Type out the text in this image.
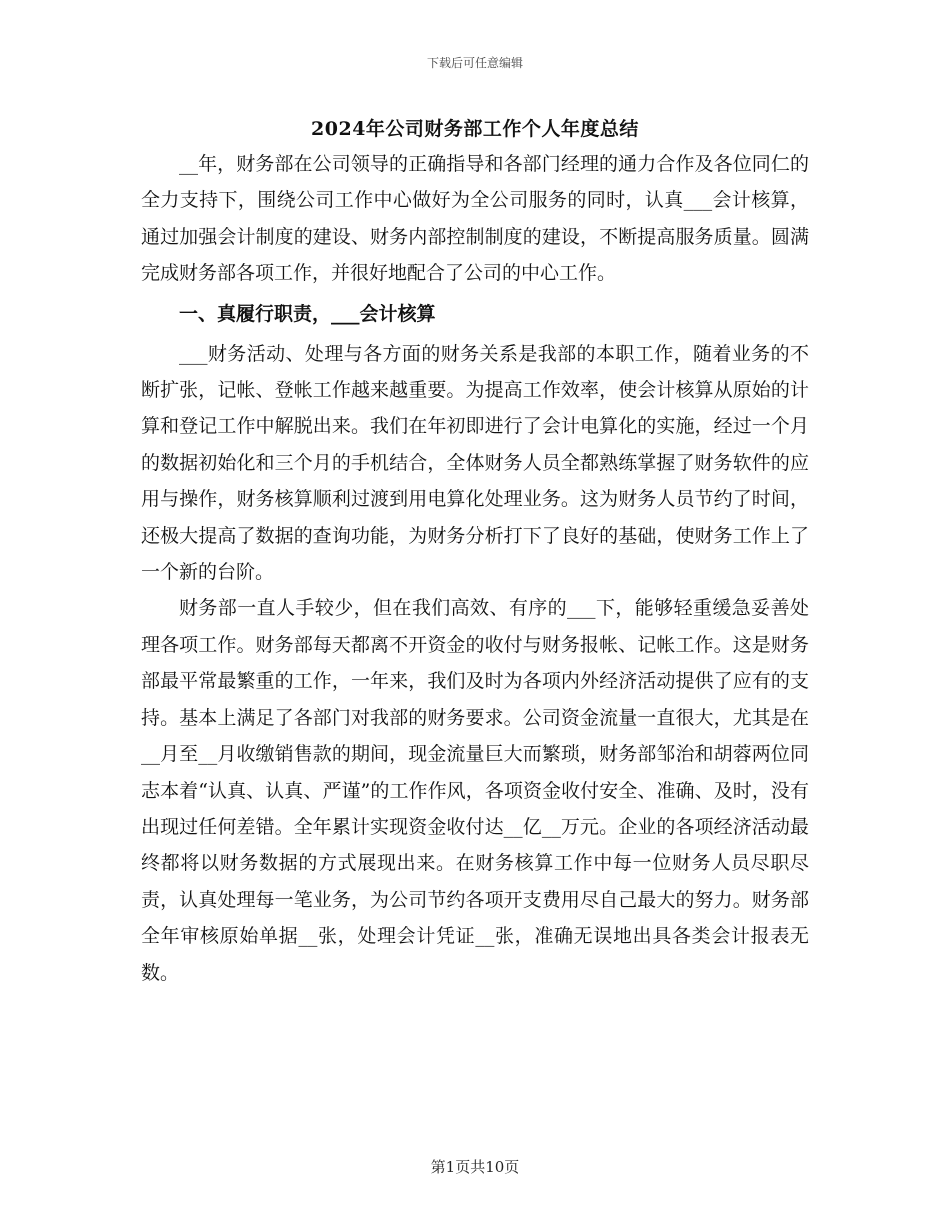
下载后可任意编辑
2024年公司财务部工作个人年度总结

__年，财务部在公司领导的正确指导和各部门经理的通力合作及各位同仁的全力支持下，围绕公司工作中心做好为全公司服务的同时，认真___会计核算，通过加强会计制度的建设、财务内部控制制度的建设，不断提高服务质量。圆满完成财务部各项工作，并很好地配合了公司的中心工作。

一、真履行职责，___会计核算

___财务活动、处理与各方面的财务关系是我部的本职工作，随着业务的不断扩张，记帐、登帐工作越来越重要。为提高工作效率，使会计核算从原始的计算和登记工作中解脱出来。我们在年初即进行了会计电算化的实施，经过一个月的数据初始化和三个月的手机结合，全体财务人员全都熟练掌握了财务软件的应用与操作，财务核算顺利过渡到用电算化处理业务。这为财务人员节约了时间，还极大提高了数据的查询功能，为财务分析打下了良好的基础，使财务工作上了一个新的台阶。

财务部一直人手较少，但在我们高效、有序的___下，能够轻重缓急妥善处理各项工作。财务部每天都离不开资金的收付与财务报帐、记帐工作。这是财务部最平常最繁重的工作，一年来，我们及时为各项内外经济活动提供了应有的支持。基本上满足了各部门对我部的财务要求。公司资金流量一直很大，尤其是在__月至__月收缴销售款的期间，现金流量巨大而繁琐，财务部邹治和胡蓉两位同志本着“认真、认真、严谨”的工作作风，各项资金收付安全、准确、及时，没有出现过任何差错。全年累计实现资金收付达__亿__万元。企业的各项经济活动最终都将以财务数据的方式展现出来。在财务核算工作中每一位财务人员尽职尽责，认真处理每一笔业务，为公司节约各项开支费用尽自己最大的努力。财务部全年审核原始单据__张，处理会计凭证__张，准确无误地出具各类会计报表无数。

第1页共10页
